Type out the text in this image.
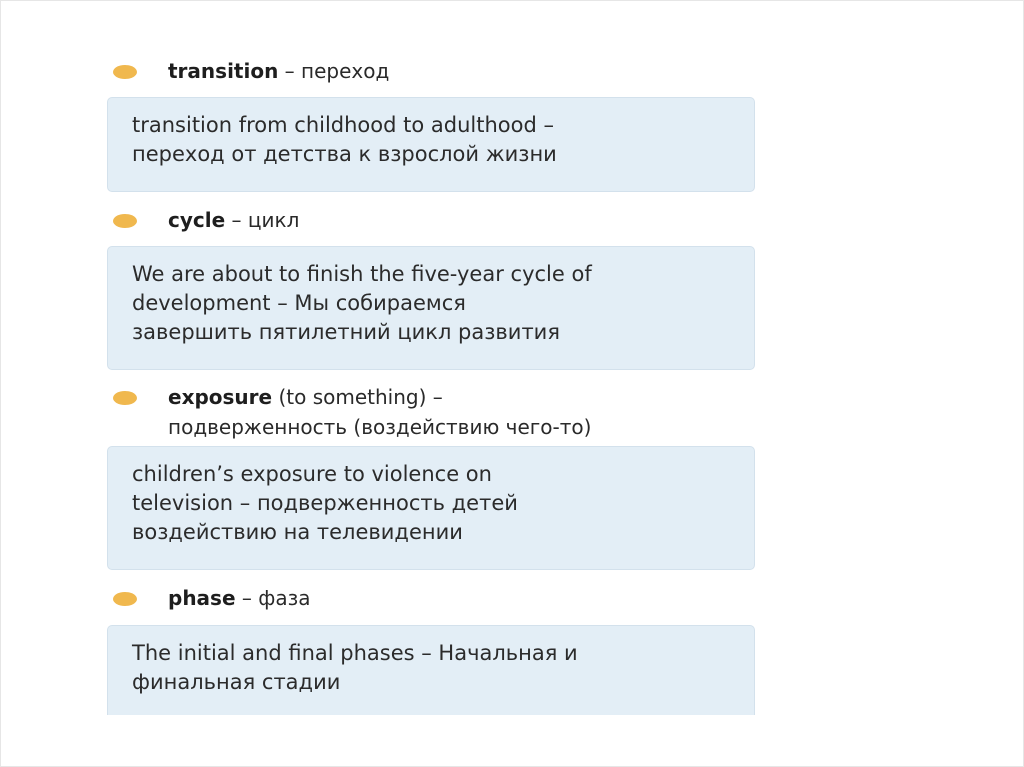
transition – переход

transition from childhood to adulthood –

переход от детства к взрослой жизни

cycle – цикл

We are about to finish the five-year cycle of

development – Мы собираемся

завершить пятилетний цикл развития

exposure (to something) –
подверженность (воздействию чего-то)

children’s exposure to violence on

television – подверженность детей

воздействию на телевидении

phase – фаза

The initial and final phases – Начальная и

финальная стадии
